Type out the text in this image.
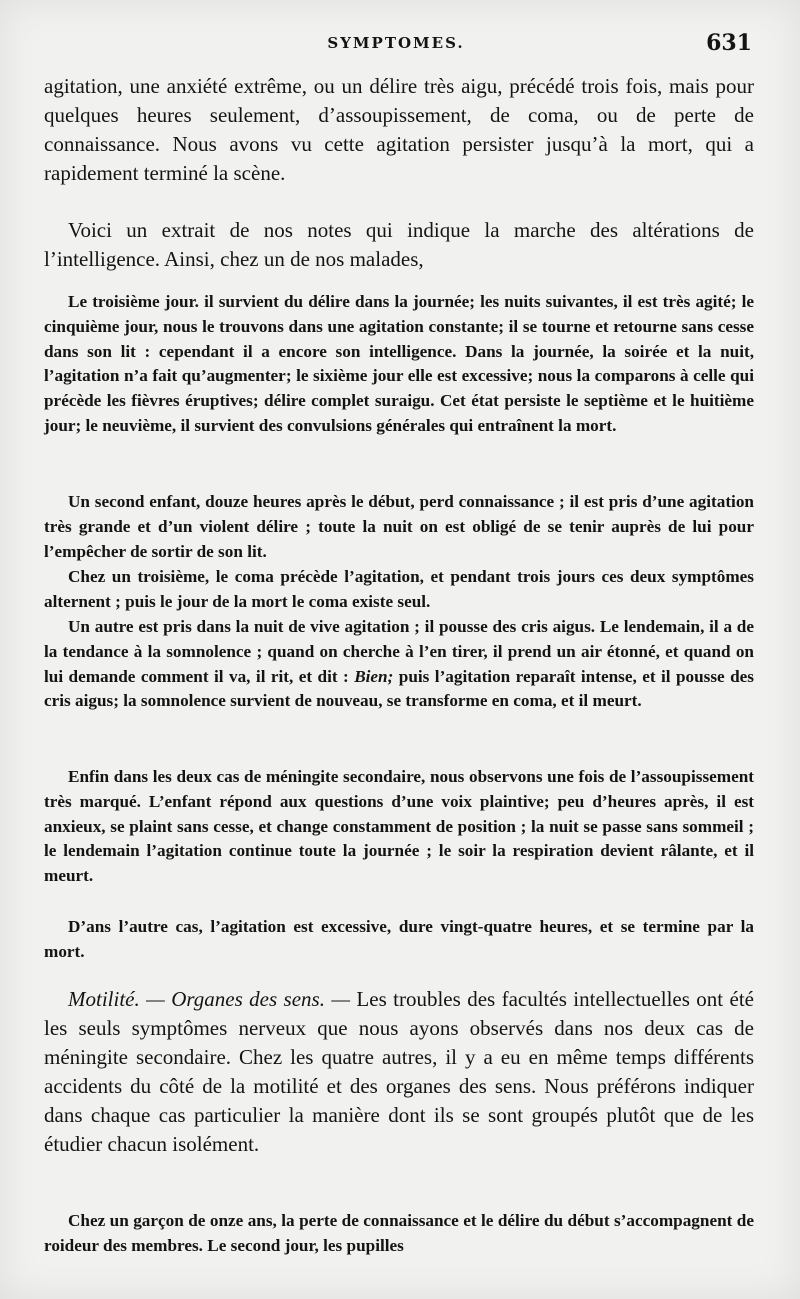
SYMPTOMES.	631

agitation, une anxiété extrême, ou un délire très aigu, précédé trois fois, mais pour quelques heures seulement, d’assoupissement, de coma, ou de perte de connaissance. Nous avons vu cette agitation persister jusqu’à la mort, qui a rapidement terminé la scène.

Voici un extrait de nos notes qui indique la marche des altérations de l’intelligence. Ainsi, chez un de nos malades,

Le troisième jour. il survient du délire dans la journée; les nuits suivantes, il est très agité; le cinquième jour, nous le trouvons dans une agitation constante; il se tourne et retourne sans cesse dans son lit : cependant il a encore son intelligence. Dans la journée, la soirée et la nuit, l’agitation n’a fait qu’augmenter; le sixième jour elle est excessive; nous la comparons à celle qui précède les fièvres éruptives; délire complet suraigu. Cet état persiste le septième et le huitième jour; le neuvième, il survient des convulsions générales qui entraînent la mort.

Un second enfant, douze heures après le début, perd connaissance ; il est pris d’une agitation très grande et d’un violent délire ; toute la nuit on est obligé de se tenir auprès de lui pour l’empêcher de sortir de son lit.

Chez un troisième, le coma précède l’agitation, et pendant trois jours ces deux symptômes alternent ; puis le jour de la mort le coma existe seul.

Un autre est pris dans la nuit de vive agitation ; il pousse des cris aigus. Le lendemain, il a de la tendance à la somnolence ; quand on cherche à l’en tirer, il prend un air étonné, et quand on lui demande comment il va, il rit, et dit : Bien; puis l’agitation reparaît intense, et il pousse des cris aigus; la somnolence survient de nouveau, se transforme en coma, et il meurt.

Enfin dans les deux cas de méningite secondaire, nous observons une fois de l’assoupissement très marqué. L’enfant répond aux questions d’une voix plaintive; peu d’heures après, il est anxieux, se plaint sans cesse, et change constamment de position ; la nuit se passe sans sommeil ; le lendemain l’agitation continue toute la journée ; le soir la respiration devient râlante, et il meurt.

D’ans l’autre cas, l’agitation est excessive, dure vingt-quatre heures, et se termine par la mort.

Motilité. — Organes des sens. — Les troubles des facultés intellectuelles ont été les seuls symptômes nerveux que nous ayons observés dans nos deux cas de méningite secondaire. Chez les quatre autres, il y a eu en même temps différents accidents du côté de la motilité et des organes des sens. Nous préférons indiquer dans chaque cas particulier la manière dont ils se sont groupés plutôt que de les étudier chacun isolément.

Chez un garçon de onze ans, la perte de connaissance et le délire du début s’accompagnent de roideur des membres. Le second jour, les pupilles
